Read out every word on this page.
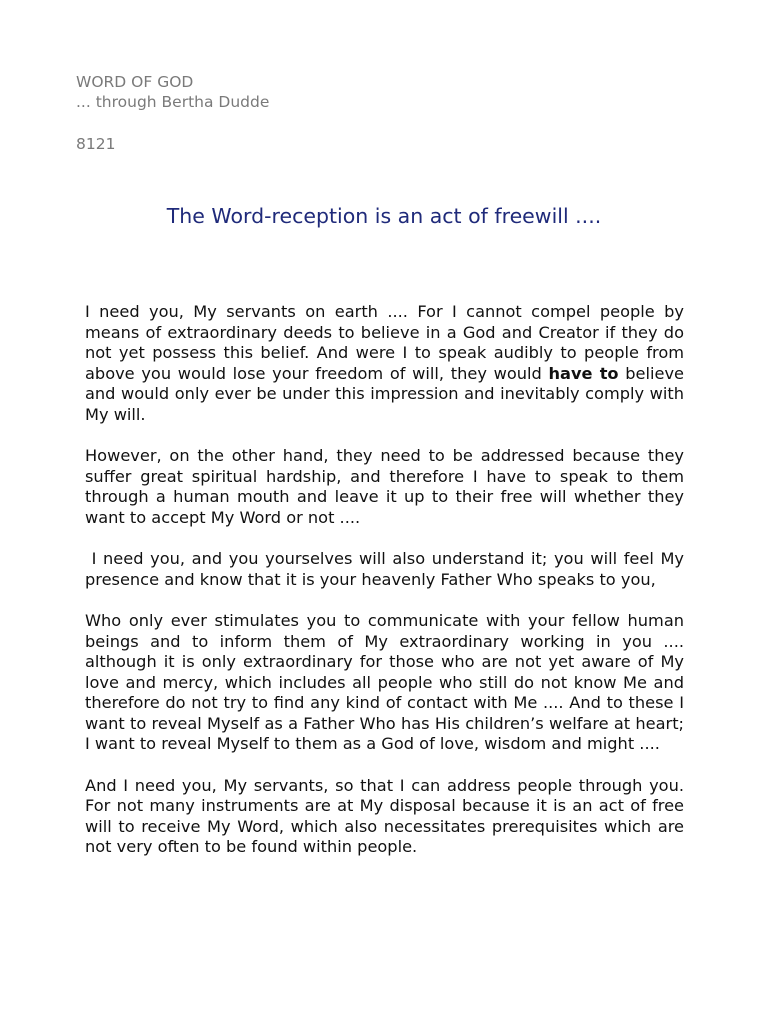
WORD OF GOD
... through Bertha Dudde
8121
The Word-reception is an act of freewill ....

I need you, My servants on earth .... For I cannot compel people by means of extraordinary deeds to believe in a God and Creator if they do not yet possess this belief. And were I to speak audibly to people from above you would lose your freedom of will, they would have to believe and would only ever be under this impression and inevitably comply with My will.

However, on the other hand, they need to be addressed because they suffer great spiritual hardship, and therefore I have to speak to them through a human mouth and leave it up to their free will whether they want to accept My Word or not ....

I need you, and you yourselves will also understand it; you will feel My presence and know that it is your heavenly Father Who speaks to you,

Who only ever stimulates you to communicate with your fellow human beings and to inform them of My extraordinary working in you .... although it is only extraordinary for those who are not yet aware of My love and mercy, which includes all people who still do not know Me and therefore do not try to find any kind of contact with Me .... And to these I want to reveal Myself as a Father Who has His children’s welfare at heart; I want to reveal Myself to them as a God of love, wisdom and might ....

And I need you, My servants, so that I can address people through you. For not many instruments are at My disposal because it is an act of free will to receive My Word, which also necessitates prerequisites which are not very often to be found within people.
